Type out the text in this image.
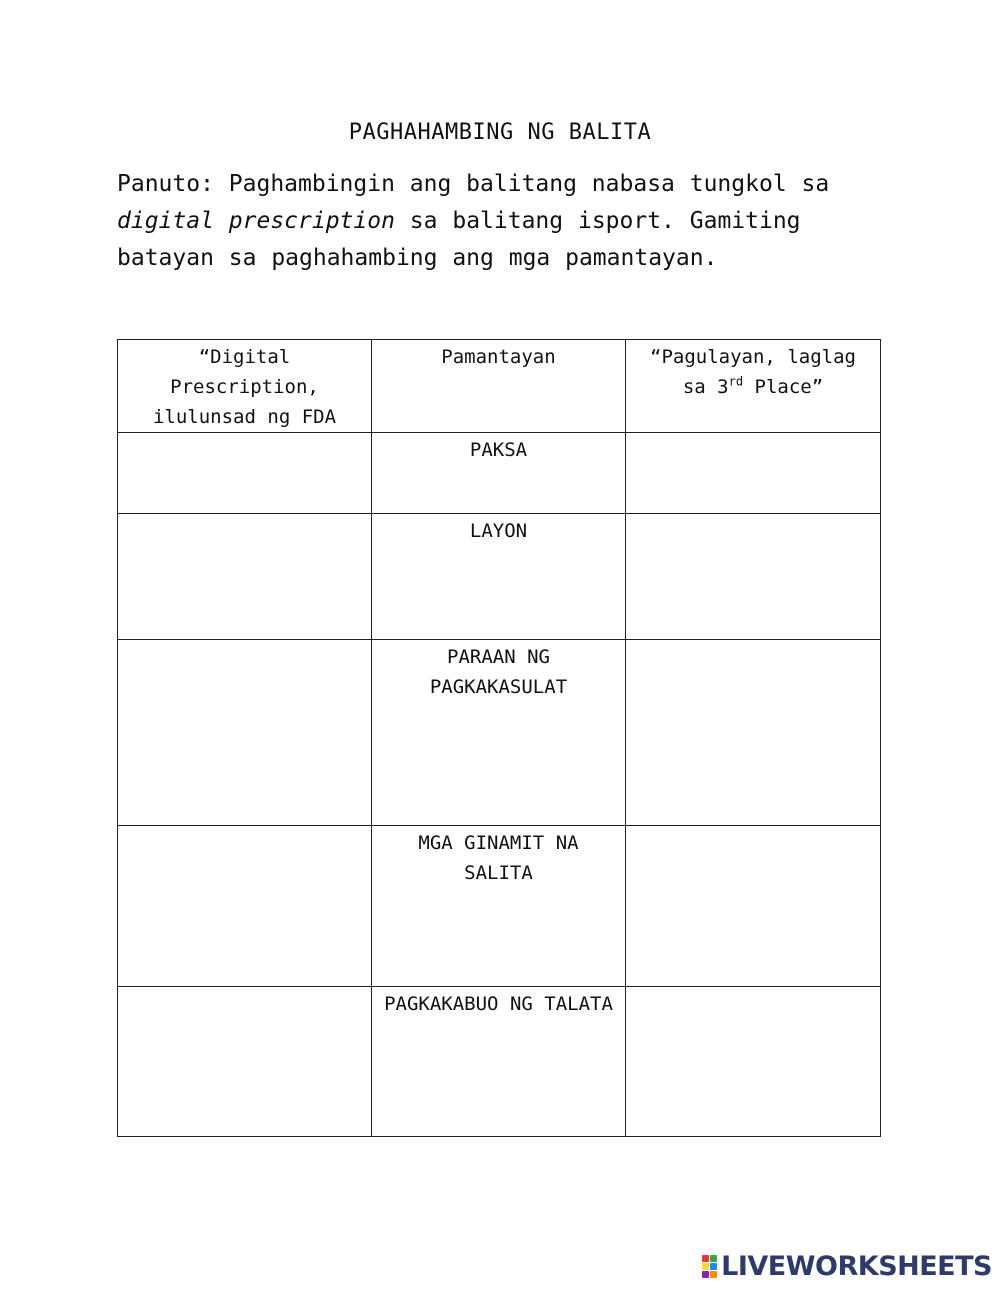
PAGHAHAMBING NG BALITA
Panuto: Paghambingin ang balitang nabasa tungkol sa digital prescription sa balitang isport. Gamiting batayan sa paghahambing ang mga pamantayan.
“Digital Prescription, ilulunsad ng FDA	Pamantayan	“Pagulayan, laglag sa 3rd Place”
	PAKSA	
	LAYON	
	PARAAN NG PAGKAKASULAT	
	MGA GINAMIT NA SALITA	
	PAGKAKABUO NG TALATA	
LIVEWORKSHEETS
